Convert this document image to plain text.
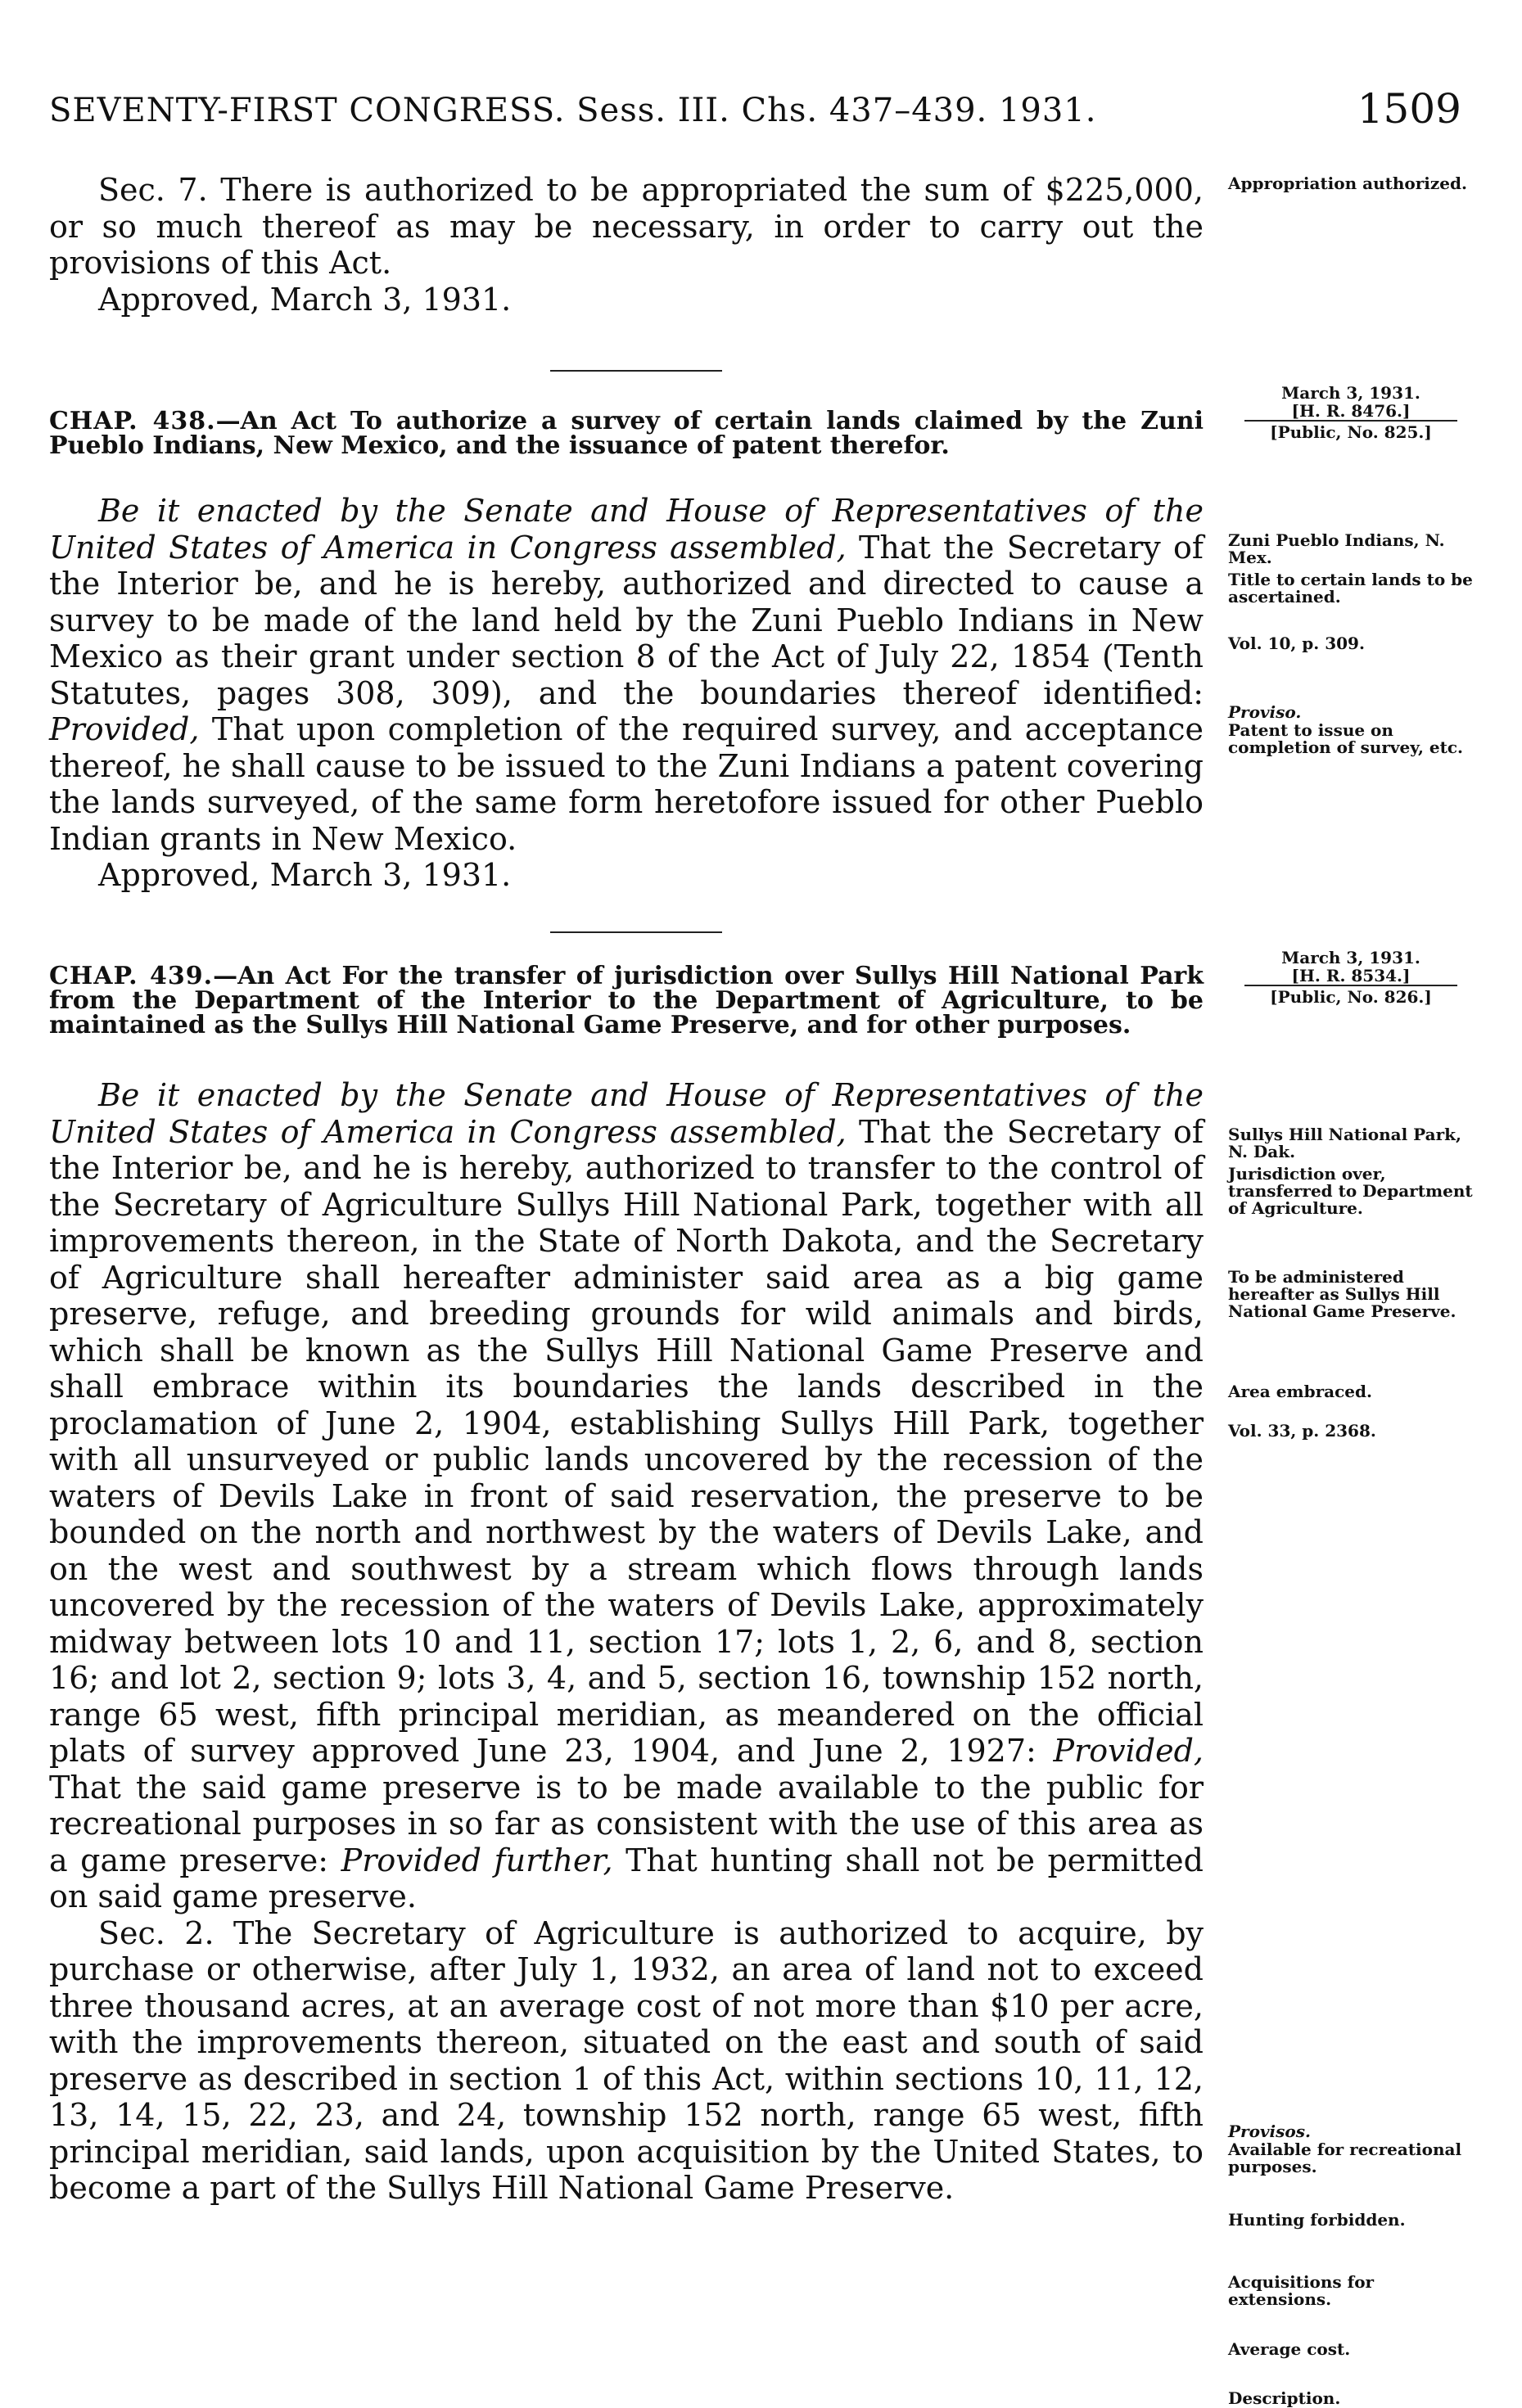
SEVENTY-FIRST CONGRESS. Sess. III. Chs. 437–439. 1931.	1509

Sec. 7. There is authorized to be appropriated the sum of $225,000, or so much thereof as may be necessary, in order to carry out the provisions of this Act.

Approved, March 3, 1931.

Appropriation authorized.

CHAP. 438.—An Act To authorize a survey of certain lands claimed by the Zuni Pueblo Indians, New Mexico, and the issuance of patent therefor.

Be it enacted by the Senate and House of Representatives of the United States of America in Congress assembled, That the Secretary of the Interior be, and he is hereby, authorized and directed to cause a survey to be made of the land held by the Zuni Pueblo Indians in New Mexico as their grant under section 8 of the Act of July 22, 1854 (Tenth Statutes, pages 308, 309), and the boundaries thereof identified: Provided, That upon completion of the required survey, and acceptance thereof, he shall cause to be issued to the Zuni Indians a patent covering the lands surveyed, of the same form heretofore issued for other Pueblo Indian grants in New Mexico.

Approved, March 3, 1931.

March 3, 1931.
[H. R. 8476.]
[Public, No. 825.]
Zuni Pueblo Indians, N. Mex.
Title to certain lands to be ascertained.
Vol. 10, p. 309.
Proviso.
Patent to issue on completion of survey, etc.

CHAP. 439.—An Act For the transfer of jurisdiction over Sullys Hill National Park from the Department of the Interior to the Department of Agriculture, to be maintained as the Sullys Hill National Game Preserve, and for other purposes.

Be it enacted by the Senate and House of Representatives of the United States of America in Congress assembled, That the Secretary of the Interior be, and he is hereby, authorized to transfer to the control of the Secretary of Agriculture Sullys Hill National Park, together with all improvements thereon, in the State of North Dakota, and the Secretary of Agriculture shall hereafter administer said area as a big game preserve, refuge, and breeding grounds for wild animals and birds, which shall be known as the Sullys Hill National Game Preserve and shall embrace within its boundaries the lands described in the proclamation of June 2, 1904, establishing Sullys Hill Park, together with all unsurveyed or public lands uncovered by the recession of the waters of Devils Lake in front of said reservation, the preserve to be bounded on the north and northwest by the waters of Devils Lake, and on the west and southwest by a stream which flows through lands uncovered by the recession of the waters of Devils Lake, approximately midway between lots 10 and 11, section 17; lots 1, 2, 6, and 8, section 16; and lot 2, section 9; lots 3, 4, and 5, section 16, township 152 north, range 65 west, fifth principal meridian, as meandered on the official plats of survey approved June 23, 1904, and June 2, 1927: Provided, That the said game preserve is to be made available to the public for recreational purposes in so far as consistent with the use of this area as a game preserve: Provided further, That hunting shall not be permitted on said game preserve.

Sec. 2. The Secretary of Agriculture is authorized to acquire, by purchase or otherwise, after July 1, 1932, an area of land not to exceed three thousand acres, at an average cost of not more than $10 per acre, with the improvements thereon, situated on the east and south of said preserve as described in section 1 of this Act, within sections 10, 11, 12, 13, 14, 15, 22, 23, and 24, township 152 north, range 65 west, fifth principal meridian, said lands, upon acquisition by the United States, to become a part of the Sullys Hill National Game Preserve.

March 3, 1931.
[H. R. 8534.]
[Public, No. 826.]
Sullys Hill National Park, N. Dak.
Jurisdiction over, transferred to Department of Agriculture.
To be administered hereafter as Sullys Hill National Game Preserve.
Area embraced.
Vol. 33, p. 2368.
Provisos.
Available for recreational purposes.
Hunting forbidden.
Acquisitions for extensions.
Average cost.
Description.
